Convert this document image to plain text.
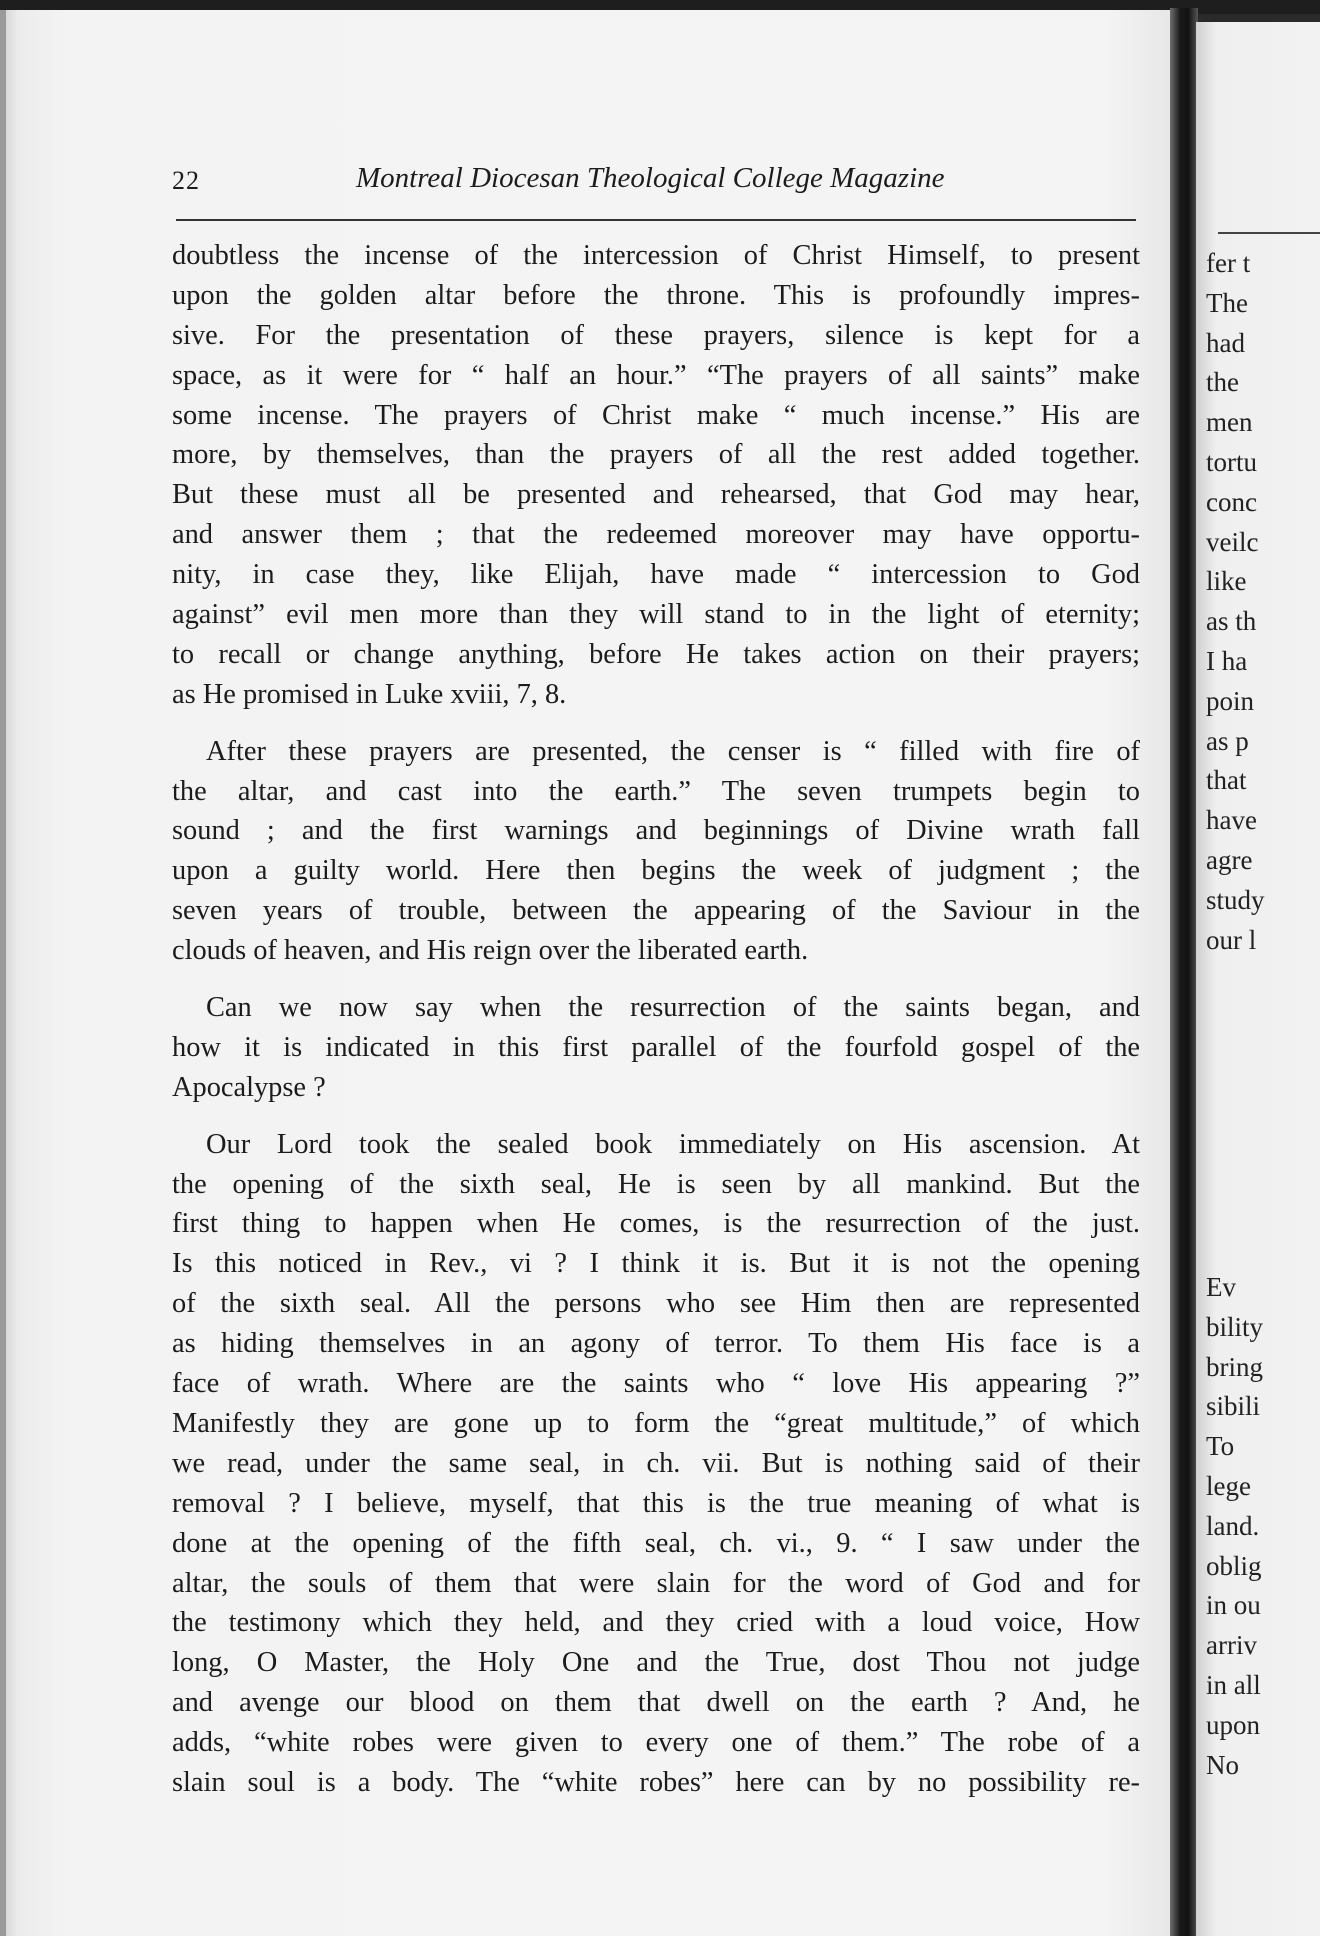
22	Montreal Diocesan Theological College Magazine
doubtless the incense of the intercession of Christ Himself, to present
upon the golden altar before the throne. This is profoundly impres-
sive. For the presentation of these prayers, silence is kept for a
space, as it were for “ half an hour.” “The prayers of all saints” make
some incense. The prayers of Christ make “ much incense.” His are
more, by themselves, than the prayers of all the rest added together.
But these must all be presented and rehearsed, that God may hear,
and answer them ; that the redeemed moreover may have opportu-
nity, in case they, like Elijah, have made “ intercession to God
against” evil men more than they will stand to in the light of eternity;
to recall or change anything, before He takes action on their prayers;
as He promised in Luke xviii, 7, 8.
After these prayers are presented, the censer is “ filled with fire of
the altar, and cast into the earth.” The seven trumpets begin to
sound ; and the first warnings and beginnings of Divine wrath fall
upon a guilty world. Here then begins the week of judgment ; the
seven years of trouble, between the appearing of the Saviour in the
clouds of heaven, and His reign over the liberated earth.
Can we now say when the resurrection of the saints began, and
how it is indicated in this first parallel of the fourfold gospel of the
Apocalypse ?
Our Lord took the sealed book immediately on His ascension. At
the opening of the sixth seal, He is seen by all mankind. But the
first thing to happen when He comes, is the resurrection of the just.
Is this noticed in Rev., vi ? I think it is. But it is not the opening
of the sixth seal. All the persons who see Him then are represented
as hiding themselves in an agony of terror. To them His face is a
face of wrath. Where are the saints who “ love His appearing ?”
Manifestly they are gone up to form the “great multitude,” of which
we read, under the same seal, in ch. vii. But is nothing said of their
removal ? I believe, myself, that this is the true meaning of what is
done at the opening of the fifth seal, ch. vi., 9. “ I saw under the
altar, the souls of them that were slain for the word of God and for
the testimony which they held, and they cried with a loud voice, How
long, O Master, the Holy One and the True, dost Thou not judge
and avenge our blood on them that dwell on the earth ? And, he
adds, “white robes were given to every one of them.” The robe of a
slain soul is a body. The “white robes” here can by no possibility re-
fer t
The
had
the
men
tortu
conc
veilc
like
as th
I ha
poin
as p
that
have
agre
study
our l
Ev
bility
bring
sibili
To
lege
land.
oblig
in ou
arriv
in all
upon
No
